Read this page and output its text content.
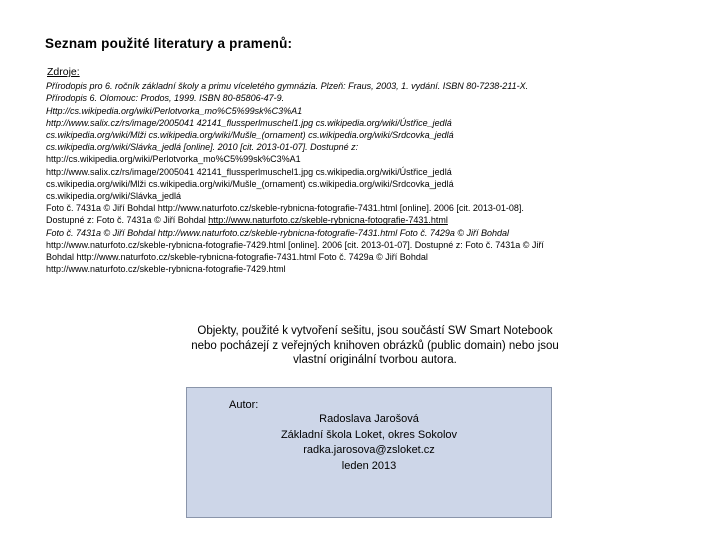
Seznam použité literatury a pramenů:
Zdroje:
Přírodopis pro 6. ročník základní školy a primu víceletého gymnázia. Plzeň: Fraus, 2003, 1. vydání. ISBN 80-7238-211-X.
Přírodopis 6. Olomouc: Prodos, 1999. ISBN 80-85806-47-9.
Http://cs.wikipedia.org/wiki/Perlotvorka_mo%C5%99sk%C3%A1
http://www.salix.cz/rs/image/2005041 42141_flussperlmuschel1.jpg cs.wikipedia.org/wiki/Ústřice_jedlá
cs.wikipedia.org/wiki/Mlži cs.wikipedia.org/wiki/Mušle_(ornament) cs.wikipedia.org/wiki/Srdcovka_jedlá
cs.wikipedia.org/wiki/Slávka_jedlá [online]. 2010 [cit. 2013-01-07]. Dostupné z:
http://cs.wikipedia.org/wiki/Perlotvorka_mo%C5%99sk%C3%A1
http://www.salix.cz/rs/image/2005041 42141_flussperlmuschel1.jpg cs.wikipedia.org/wiki/Ústřice_jedlá
cs.wikipedia.org/wiki/Mlži cs.wikipedia.org/wiki/Mušle_(ornament) cs.wikipedia.org/wiki/Srdcovka_jedlá
cs.wikipedia.org/wiki/Slávka_jedlá
Foto č. 7431a © Jiří Bohdal http://www.naturfoto.cz/skeble-rybnicna-fotografie-7431.html [online]. 2006 [cit. 2013-01-08].
Dostupné z: Foto č. 7431a © Jiří Bohdal http://www.naturfoto.cz/skeble-rybnicna-fotografie-7431.html
Foto č. 7431a © Jiří Bohdal http://www.naturfoto.cz/skeble-rybnicna-fotografie-7431.html Foto č. 7429a © Jiří Bohdal
http://www.naturfoto.cz/skeble-rybnicna-fotografie-7429.html [online]. 2006 [cit. 2013-01-07]. Dostupné z: Foto č. 7431a © Jiří
Bohdal http://www.naturfoto.cz/skeble-rybnicna-fotografie-7431.html Foto č. 7429a © Jiří Bohdal
http://www.naturfoto.cz/skeble-rybnicna-fotografie-7429.html
Objekty, použité k vytvoření sešitu, jsou součástí SW Smart Notebook
nebo pocházejí z veřejných knihoven obrázků (public domain) nebo jsou
vlastní originální tvorbou autora.
Autor:
Radoslava Jarošová
Základní škola Loket, okres Sokolov
radka.jarosova@zsloket.cz
leden 2013
